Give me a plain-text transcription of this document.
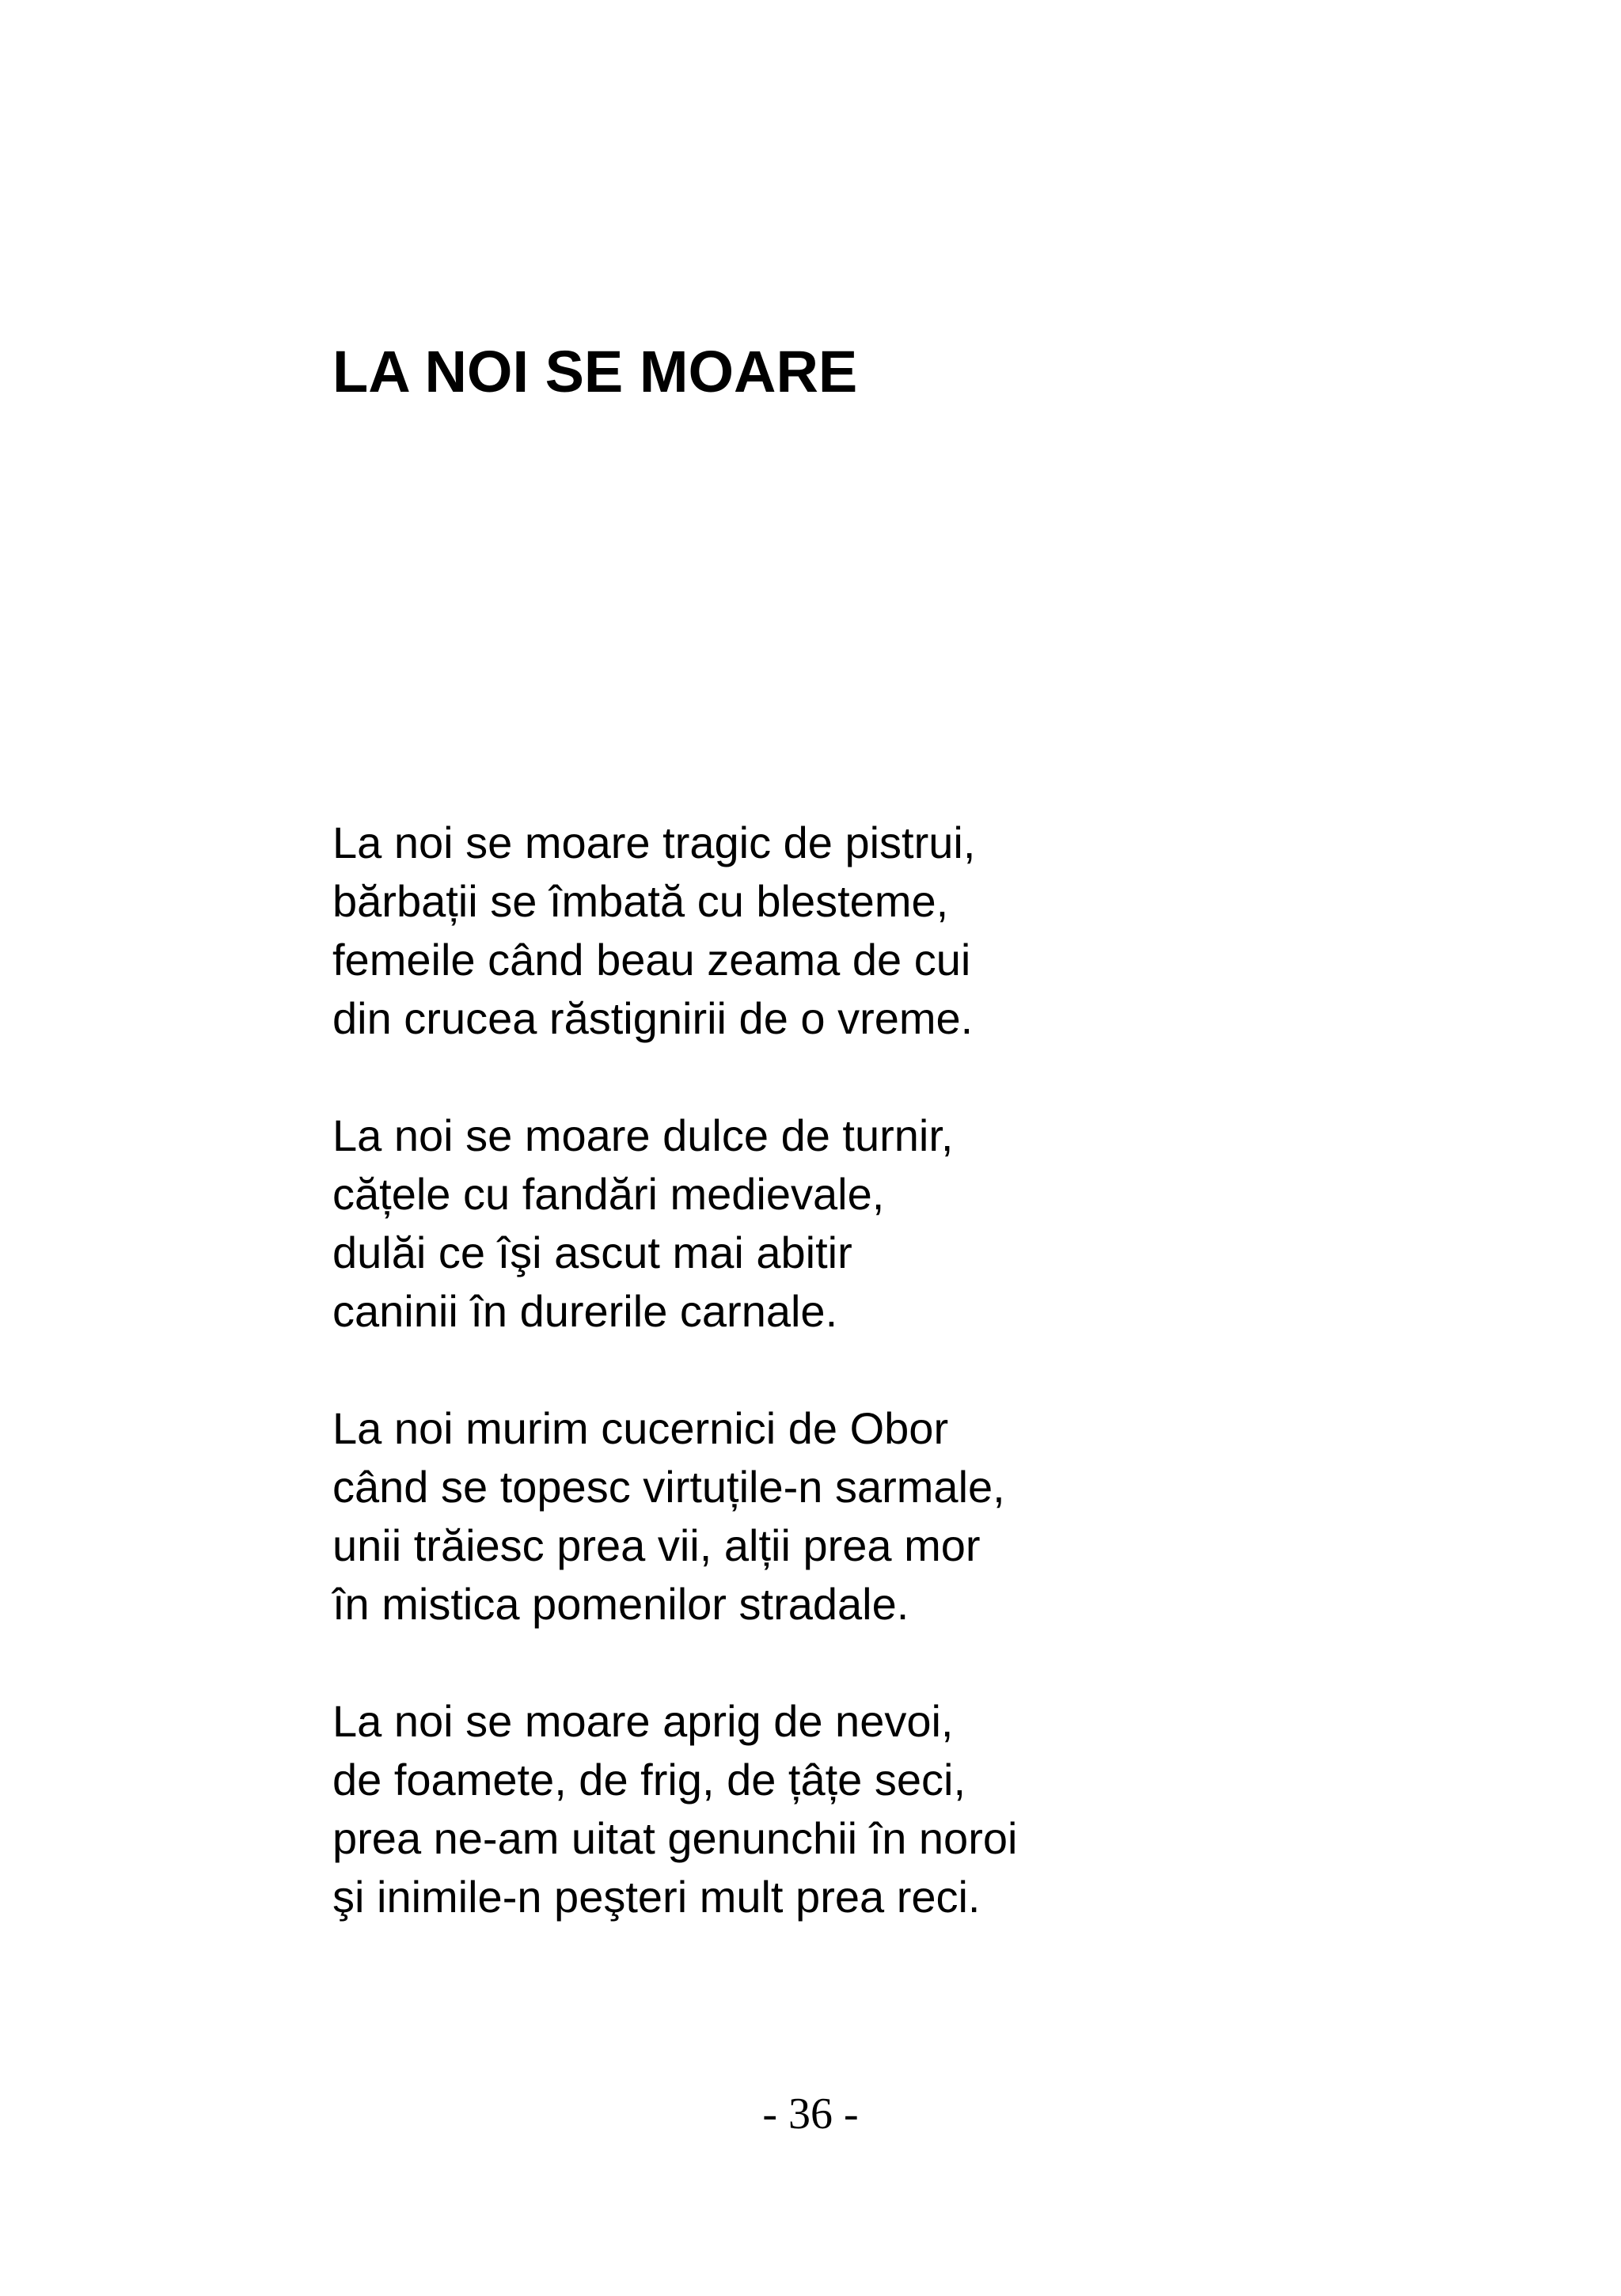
LA NOI SE MOARE

La noi se moare tragic de pistrui,
bărbații se îmbată cu blesteme,
femeile când beau zeama de cui
din crucea răstignirii de o vreme.

La noi se moare dulce de turnir,
cățele cu fandări medievale,
dulăi ce îşi ascut mai abitir
caninii în durerile carnale.

La noi murim cucernici de Obor
când se topesc virtuțile-n sarmale,
unii trăiesc prea vii, alții prea mor
în mistica pomenilor stradale.

La noi se moare aprig de nevoi,
de foamete, de frig, de țâțe seci,
prea ne-am uitat genunchii în noroi
şi inimile-n peşteri mult prea reci.

- 36 -
